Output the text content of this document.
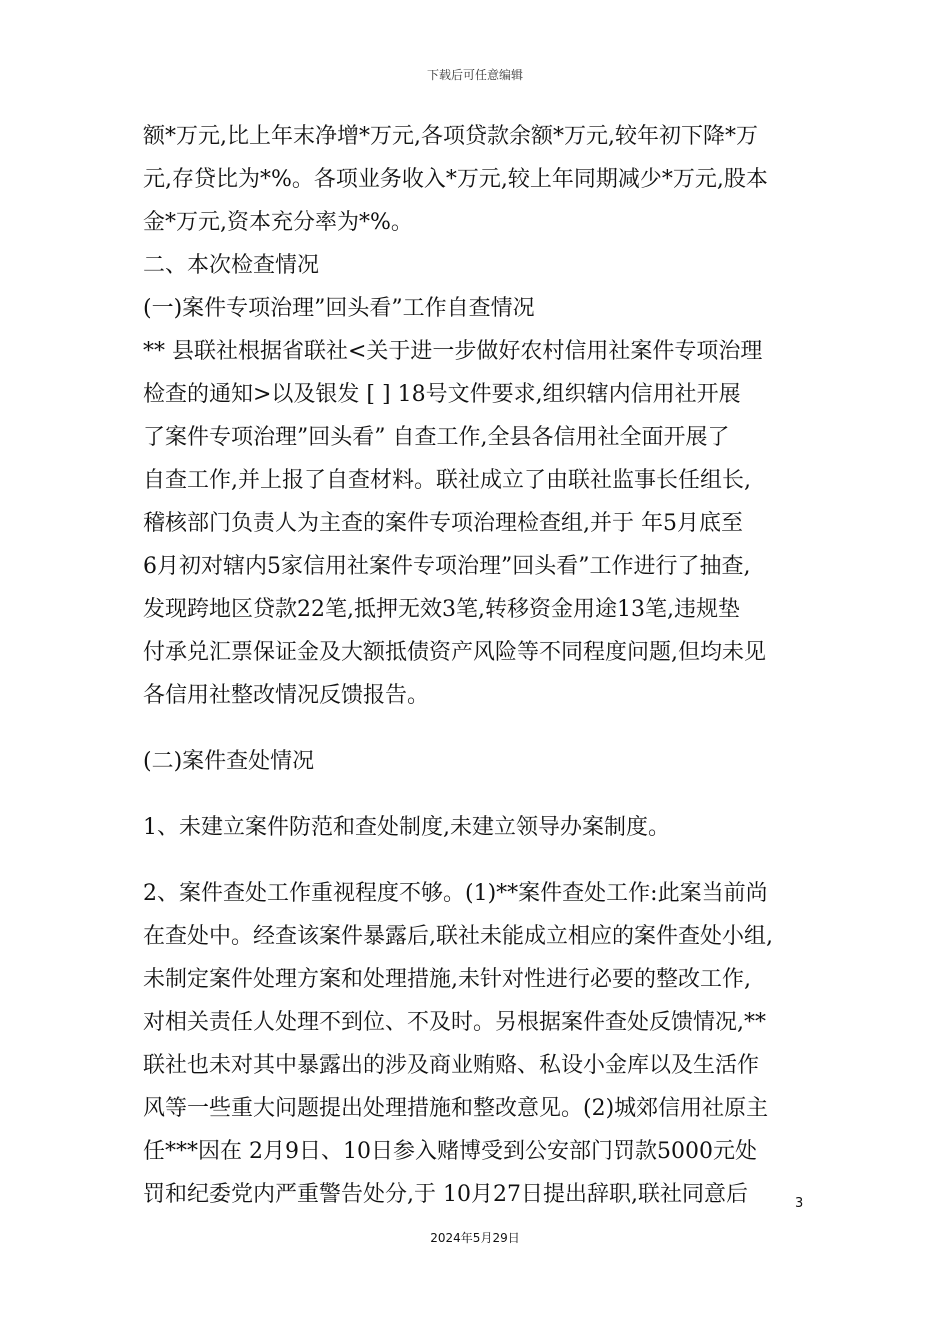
下载后可任意编辑
额*万元,比上年末净增*万元,各项贷款余额*万元,较年初下降*万
元,存贷比为*%。各项业务收入*万元,较上年同期减少*万元,股本
金*万元,资本充分率为*%。
二、本次检查情况
(一)案件专项治理”回头看”工作自查情况
** 县联社根据省联社<关于进一步做好农村信用社案件专项治理
检查的通知>以及银发 [ ] 18号文件要求,组织辖内信用社开展
了案件专项治理”回头看” 自查工作,全县各信用社全面开展了
自查工作,并上报了自查材料。联社成立了由联社监事长任组长,
稽核部门负责人为主查的案件专项治理检查组,并于 年5月底至
6月初对辖内5家信用社案件专项治理”回头看”工作进行了抽查,
发现跨地区贷款22笔,抵押无效3笔,转移资金用途13笔,违规垫
付承兑汇票保证金及大额抵债资产风险等不同程度问题,但均未见
各信用社整改情况反馈报告。
(二)案件查处情况
1、未建立案件防范和查处制度,未建立领导办案制度。
2、案件查处工作重视程度不够。(1)**案件查处工作:此案当前尚
在查处中。经查该案件暴露后,联社未能成立相应的案件查处小组,
未制定案件处理方案和处理措施,未针对性进行必要的整改工作,
对相关责任人处理不到位、不及时。另根据案件查处反馈情况,**
联社也未对其中暴露出的涉及商业贿赂、私设小金库以及生活作
风等一些重大问题提出处理措施和整改意见。(2)城郊信用社原主
任***因在 2月9日、10日参入赌博受到公安部门罚款5000元处
罚和纪委党内严重警告处分,于 10月27日提出辞职,联社同意后	3
2024年5月29日
